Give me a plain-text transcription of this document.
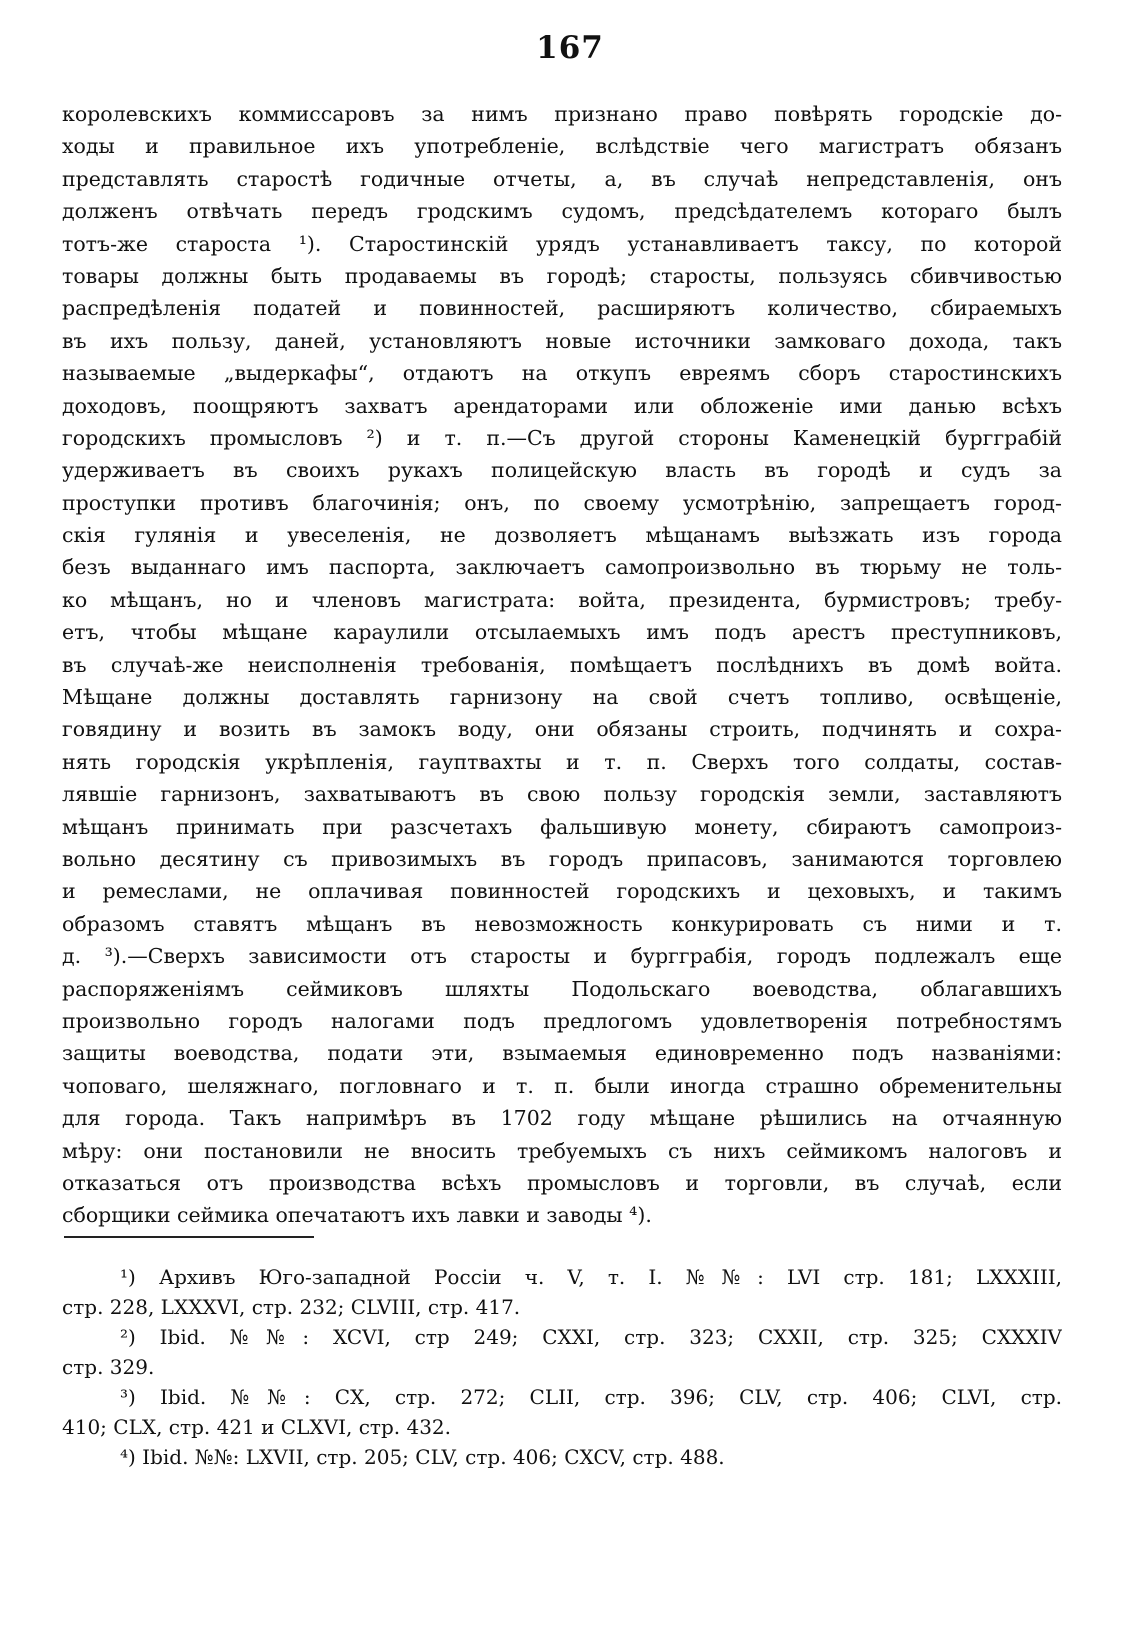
167
королевскихъ коммиссаровъ за нимъ признано право повѣрять городскіе до-
ходы и правильное ихъ употребленіе, вслѣдствіе чего магистратъ обязанъ
представлять старостѣ годичные отчеты, а, въ случаѣ непредставленія, онъ
долженъ отвѣчать передъ гродскимъ судомъ, предсѣдателемъ котораго былъ
тотъ-же староста ¹). Старостинскій урядъ устанавливаетъ таксу, по которой
товары должны быть продаваемы въ городѣ; старосты, пользуясь сбивчивостью
распредѣленія податей и повинностей, расширяютъ количество, сбираемыхъ
въ ихъ пользу, даней, установляютъ новые источники замковаго дохода, такъ
называемые „выдеркафы“, отдаютъ на откупъ евреямъ сборъ старостинскихъ
доходовъ, поощряютъ захватъ арендаторами или обложеніе ими данью всѣхъ
городскихъ промысловъ ²) и т. п.—Съ другой стороны Каменецкій бургграбій
удерживаетъ въ своихъ рукахъ полицейскую власть въ городѣ и судъ за
проступки противъ благочинія; онъ, по своему усмотрѣнію, запрещаетъ город-
скія гулянія и увеселенія, не дозволяетъ мѣщанамъ выѣзжать изъ города
безъ выданнаго имъ паспорта, заключаетъ самопроизвольно въ тюрьму не толь-
ко мѣщанъ, но и членовъ магистрата: войта, президента, бурмистровъ; требу-
етъ, чтобы мѣщане караулили отсылаемыхъ имъ подъ арестъ преступниковъ,
въ случаѣ-же неисполненія требованія, помѣщаетъ послѣднихъ въ домѣ войта.
Мѣщане должны доставлять гарнизону на свой счетъ топливо, освѣщеніе,
говядину и возить въ замокъ воду, они обязаны строить, подчинять и сохра-
нять городскія укрѣпленія, гауптвахты и т. п. Сверхъ того солдаты, состав-
лявшіе гарнизонъ, захватываютъ въ свою пользу городскія земли, заставляютъ
мѣщанъ принимать при разсчетахъ фальшивую монету, сбираютъ самопроиз-
вольно десятину съ привозимыхъ въ городъ припасовъ, занимаются торговлею
и ремеслами, не оплачивая повинностей городскихъ и цеховыхъ, и такимъ
образомъ ставятъ мѣщанъ въ невозможность конкурировать съ ними и т.
д. ³).—Сверхъ зависимости отъ старосты и бургграбія, городъ подлежалъ еще
распоряженіямъ сеймиковъ шляхты Подольскаго воеводства, облагавшихъ
произвольно городъ налогами подъ предлогомъ удовлетворенія потребностямъ
защиты воеводства, подати эти, взымаемыя единовременно подъ названіями:
чоповаго, шеляжнаго, погловнаго и т. п. были иногда страшно обременительны
для города. Такъ напримѣръ въ 1702 году мѣщане рѣшились на отчаянную
мѣру: они постановили не вносить требуемыхъ съ нихъ сеймикомъ налоговъ и
отказаться отъ производства всѣхъ промысловъ и торговли, въ случаѣ, если
сборщики сеймика опечатаютъ ихъ лавки и заводы ⁴).
¹) Архивъ Юго-западной Россіи ч. V, т. I. №№: LVI стр. 181; LXXXIII,
стр. 228, LXXXVI, стр. 232; CLVIII, стр. 417.
²) Ibid. №№: XCVI, стр 249; CXXI, стр. 323; CXXII, стр. 325; CXXXIV
стр. 329.
³) Ibid. №№: CX, стр. 272; CLII, стр. 396; CLV, стр. 406; CLVI, стр.
410; CLX, стр. 421 и CLXVI, стр. 432.
⁴) Ibid. №№: LXVII, стр. 205; CLV, стр. 406; CXCV, стр. 488.
